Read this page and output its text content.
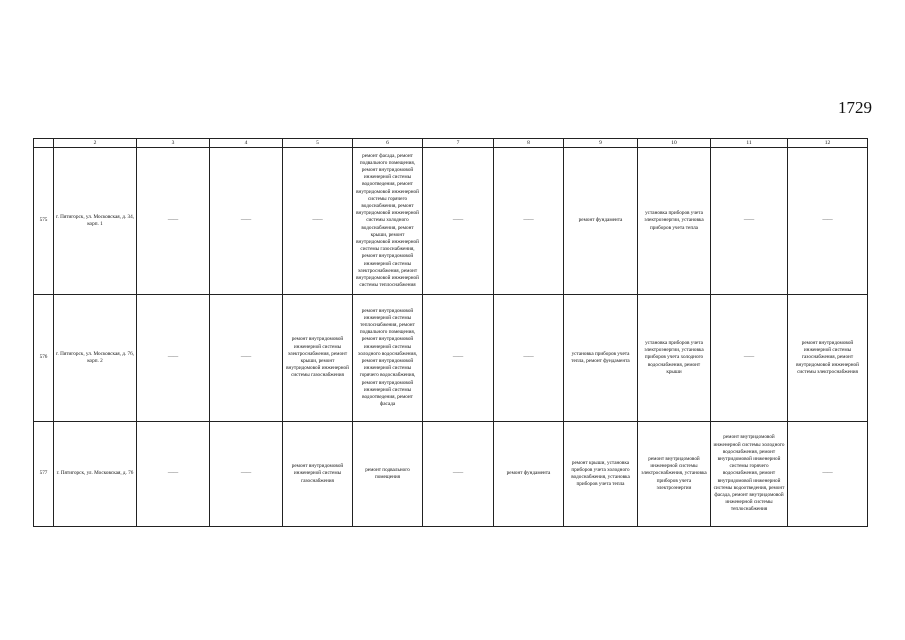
1729
	2	3	4	5	6	7	8	9	10	11	12
575	г. Пятигорск, ул. Московская, д. 34, корп. 1	——	——	——	ремонт фасада, ремонт подвального помещения, ремонт внутридомовой инженерной системы водоотведения, ремонт внутридомовой инженерной системы горячего водоснабжения, ремонт внутридомовой инженерной системы холодного водоснабжения, ремонт крыши, ремонт внутридомовой инженерной системы газоснабжения, ремонт внутридомовой инженерной системы электроснабжения, ремонт внутридомовой инженерной системы теплоснабжения	——	——	ремонт фундамента	установка приборов учета электроэнергии, установка приборов учета тепла	——	——
576	г. Пятигорск, ул. Московская, д. 76, корп. 2	——	——	ремонт внутридомовой инженерной системы электроснабжения, ремонт крыши, ремонт внутридомовой инженерной системы газоснабжения	ремонт внутридомовой инженерной системы теплоснабжения, ремонт подвального помещения, ремонт внутридомовой инженерной системы холодного водоснабжения, ремонт внутридомовой инженерной системы горячего водоснабжения, ремонт внутридомовой инженерной системы водоотведения, ремонт фасада	——	——	установка приборов учета тепла, ремонт фундамента	установка приборов учета электроэнергии, установка приборов учета холодного водоснабжения, ремонт крыши	——	ремонт внутридомовой инженерной системы газоснабжения, ремонт внутридомовой инженерной системы электроснабжения
577	г. Пятигорск, ул. Московская, д. 76	——	——	ремонт внутридомовой инженерной системы газоснабжения	ремонт подвального помещения	——	ремонт фундамента	ремонт крыши, установка приборов учета холодного водоснабжения, установка приборов учета тепла	ремонт внутридомовой инженерной системы электроснабжения, установка приборов учета электроэнергии	ремонт внутридомовой инженерной системы холодного водоснабжения, ремонт внутридомовой инженерной системы горячего водоснабжения, ремонт внутридомовой инженерной системы водоотведения, ремонт фасада, ремонт внутридомовой инженерной системы теплоснабжения	——
